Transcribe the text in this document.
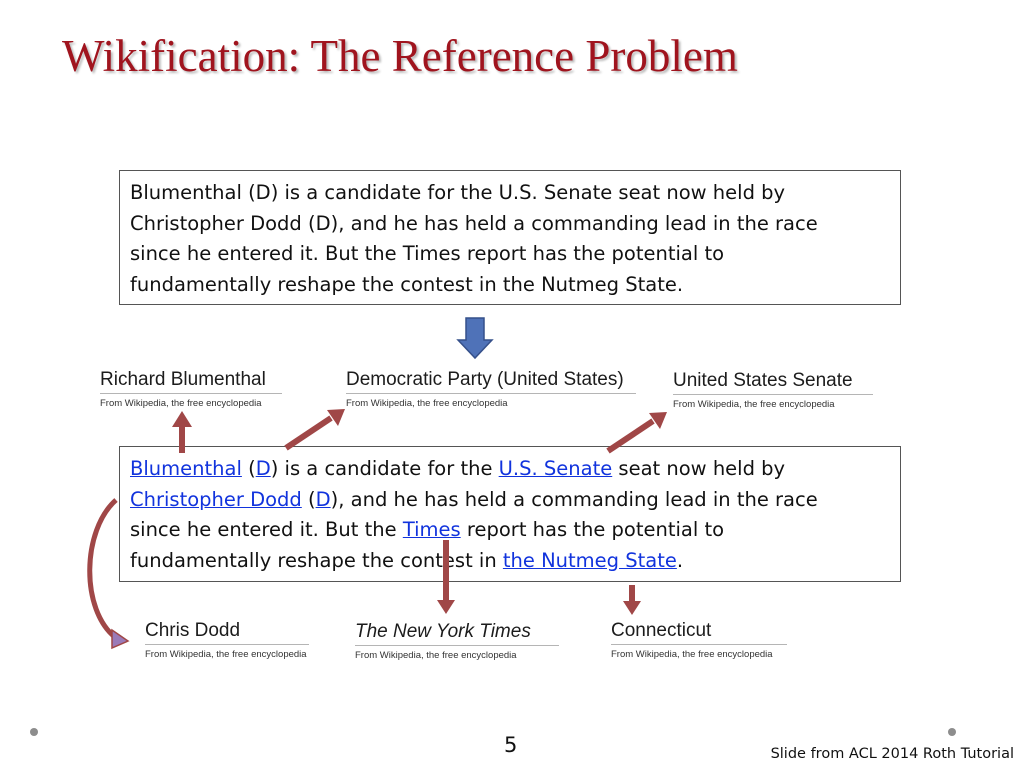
Wikification: The Reference Problem
Blumenthal (D) is a candidate for the U.S. Senate seat now held by
Christopher Dodd (D), and he has held a commanding lead in the race
since he entered it. But the Times report has the potential to
fundamentally reshape the contest in the Nutmeg State.
Blumenthal (D) is a candidate for the U.S. Senate seat now held by
Christopher Dodd (D), and he has held a commanding lead in the race
since he entered it. But the Times report has the potential to
fundamentally reshape the contest in the Nutmeg State.
Richard Blumenthal
From Wikipedia, the free encyclopedia
Democratic Party (United States)
From Wikipedia, the free encyclopedia
United States Senate
From Wikipedia, the free encyclopedia
Chris Dodd
From Wikipedia, the free encyclopedia
The New York Times
From Wikipedia, the free encyclopedia
Connecticut
From Wikipedia, the free encyclopedia
5	Slide from ACL 2014 Roth Tutorial
